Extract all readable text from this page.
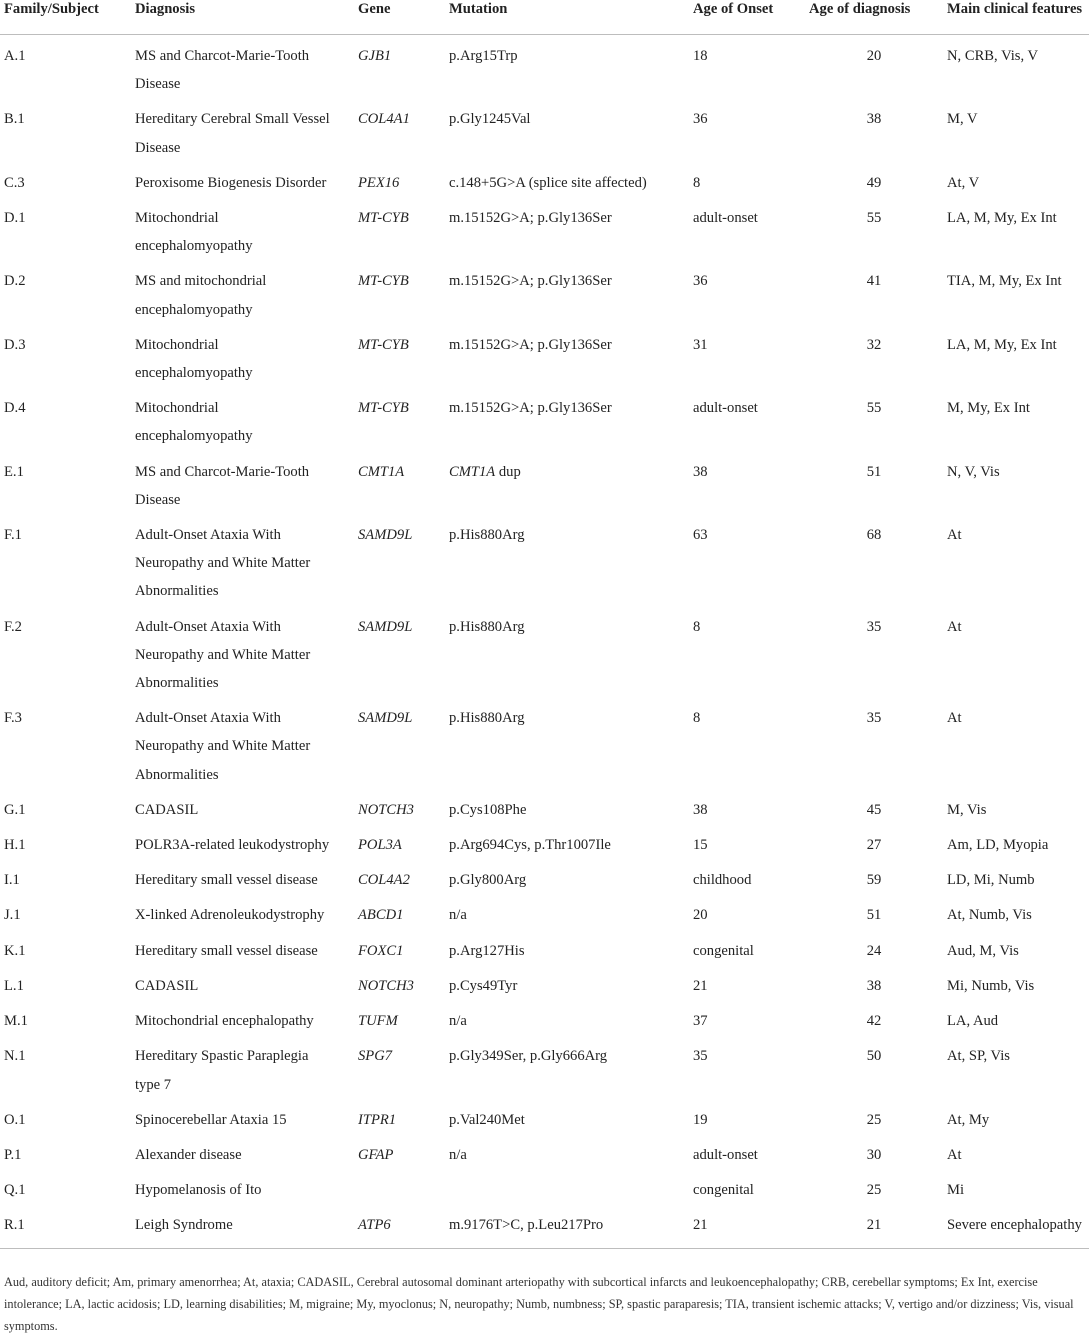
Family/Subject	Diagnosis	Gene	Mutation	Age of Onset	Age of diagnosis	Main clinical features
A.1	MS and Charcot-Marie-Tooth Disease	GJB1	p.Arg15Trp	18	20	N, CRB, Vis, V
B.1	Hereditary Cerebral Small Vessel Disease	COL4A1	p.Gly1245Val	36	38	M, V
C.3	Peroxisome Biogenesis Disorder	PEX16	c.148+5G>A (splice site affected)	8	49	At, V
D.1	Mitochondrial encephalomyopathy	MT-CYB	m.15152G>A; p.Gly136Ser	adult-onset	55	LA, M, My, Ex Int
D.2	MS and mitochondrial encephalomyopathy	MT-CYB	m.15152G>A; p.Gly136Ser	36	41	TIA, M, My, Ex Int
D.3	Mitochondrial encephalomyopathy	MT-CYB	m.15152G>A; p.Gly136Ser	31	32	LA, M, My, Ex Int
D.4	Mitochondrial encephalomyopathy	MT-CYB	m.15152G>A; p.Gly136Ser	adult-onset	55	M, My, Ex Int
E.1	MS and Charcot-Marie-Tooth Disease	CMT1A	CMT1A dup	38	51	N, V, Vis
F.1	Adult-Onset Ataxia With Neuropathy and White Matter Abnormalities	SAMD9L	p.His880Arg	63	68	At
F.2	Adult-Onset Ataxia With Neuropathy and White Matter Abnormalities	SAMD9L	p.His880Arg	8	35	At
F.3	Adult-Onset Ataxia With Neuropathy and White Matter Abnormalities	SAMD9L	p.His880Arg	8	35	At
G.1	CADASIL	NOTCH3	p.Cys108Phe	38	45	M, Vis
H.1	POLR3A-related leukodystrophy	POL3A	p.Arg694Cys, p.Thr1007Ile	15	27	Am, LD, Myopia
I.1	Hereditary small vessel disease	COL4A2	p.Gly800Arg	childhood	59	LD, Mi, Numb
J.1	X-linked Adrenoleukodystrophy	ABCD1	n/a	20	51	At, Numb, Vis
K.1	Hereditary small vessel disease	FOXC1	p.Arg127His	congenital	24	Aud, M, Vis
L.1	CADASIL	NOTCH3	p.Cys49Tyr	21	38	Mi, Numb, Vis
M.1	Mitochondrial encephalopathy	TUFM	n/a	37	42	LA, Aud
N.1	Hereditary Spastic Paraplegia type 7	SPG7	p.Gly349Ser, p.Gly666Arg	35	50	At, SP, Vis
O.1	Spinocerebellar Ataxia 15	ITPR1	p.Val240Met	19	25	At, My
P.1	Alexander disease	GFAP	n/a	adult-onset	30	At
Q.1	Hypomelanosis of Ito			congenital	25	Mi
R.1	Leigh Syndrome	ATP6	m.9176T>C, p.Leu217Pro	21	21	Severe encephalopathy
Aud, auditory deficit; Am, primary amenorrhea; At, ataxia; CADASIL, Cerebral autosomal dominant arteriopathy with subcortical infarcts and leukoencephalopathy; CRB, cerebellar symptoms; Ex Int, exercise intolerance; LA, lactic acidosis; LD, learning disabilities; M, migraine; My, myoclonus; N, neuropathy; Numb, numbness; SP, spastic paraparesis; TIA, transient ischemic attacks; V, vertigo and/or dizziness; Vis, visual symptoms.
